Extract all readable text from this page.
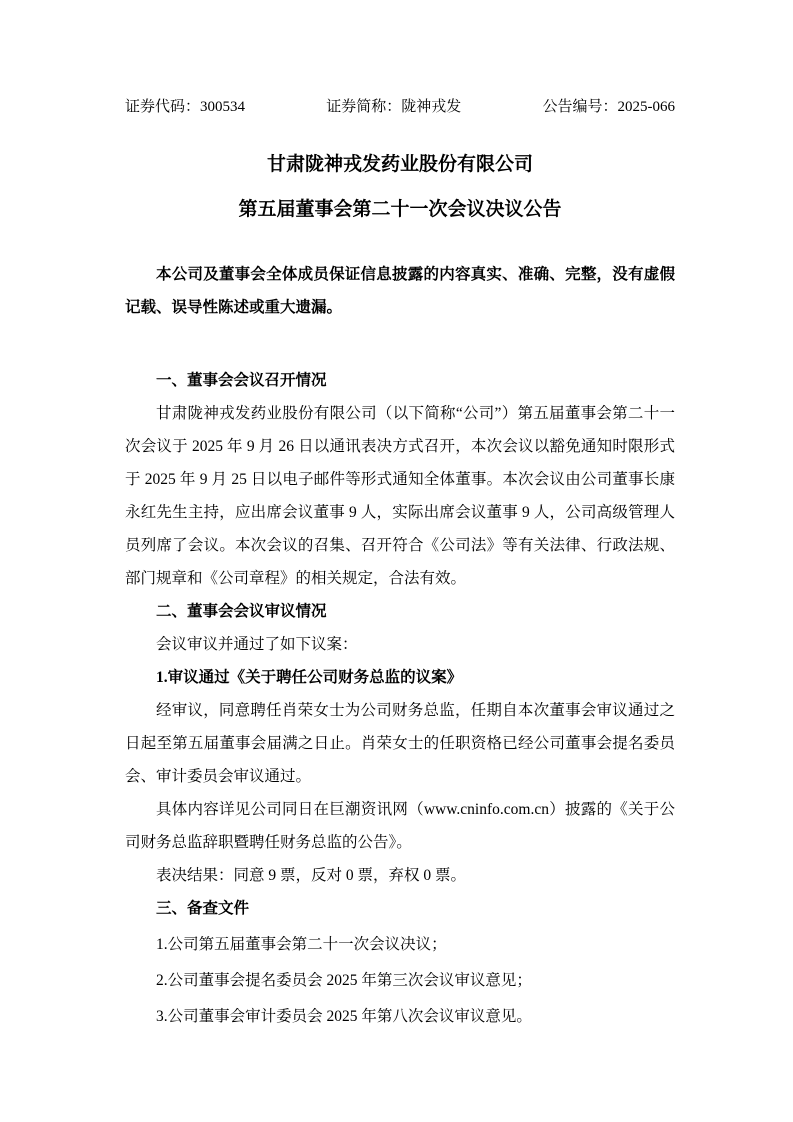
证券代码：300534	证券简称：陇神戎发	公告编号：2025-066
甘肃陇神戎发药业股份有限公司
第五届董事会第二十一次会议决议公告

本公司及董事会全体成员保证信息披露的内容真实、准确、完整，没有虚假记载、误导性陈述或重大遗漏。

一、董事会会议召开情况

甘肃陇神戎发药业股份有限公司（以下简称“公司”）第五届董事会第二十一次会议于 2025 年 9 月 26 日以通讯表决方式召开，本次会议以豁免通知时限形式于 2025 年 9 月 25 日以电子邮件等形式通知全体董事。本次会议由公司董事长康永红先生主持，应出席会议董事 9 人，实际出席会议董事 9 人，公司高级管理人员列席了会议。本次会议的召集、召开符合《公司法》等有关法律、行政法规、部门规章和《公司章程》的相关规定，合法有效。

二、董事会会议审议情况

会议审议并通过了如下议案：

1.审议通过《关于聘任公司财务总监的议案》

经审议，同意聘任肖荣女士为公司财务总监，任期自本次董事会审议通过之日起至第五届董事会届满之日止。肖荣女士的任职资格已经公司董事会提名委员会、审计委员会审议通过。

具体内容详见公司同日在巨潮资讯网（www.cninfo.com.cn）披露的《关于公司财务总监辞职暨聘任财务总监的公告》。

表决结果：同意 9 票，反对 0 票，弃权 0 票。

三、备查文件

1.公司第五届董事会第二十一次会议决议；

2.公司董事会提名委员会 2025 年第三次会议审议意见；

3.公司董事会审计委员会 2025 年第八次会议审议意见。
